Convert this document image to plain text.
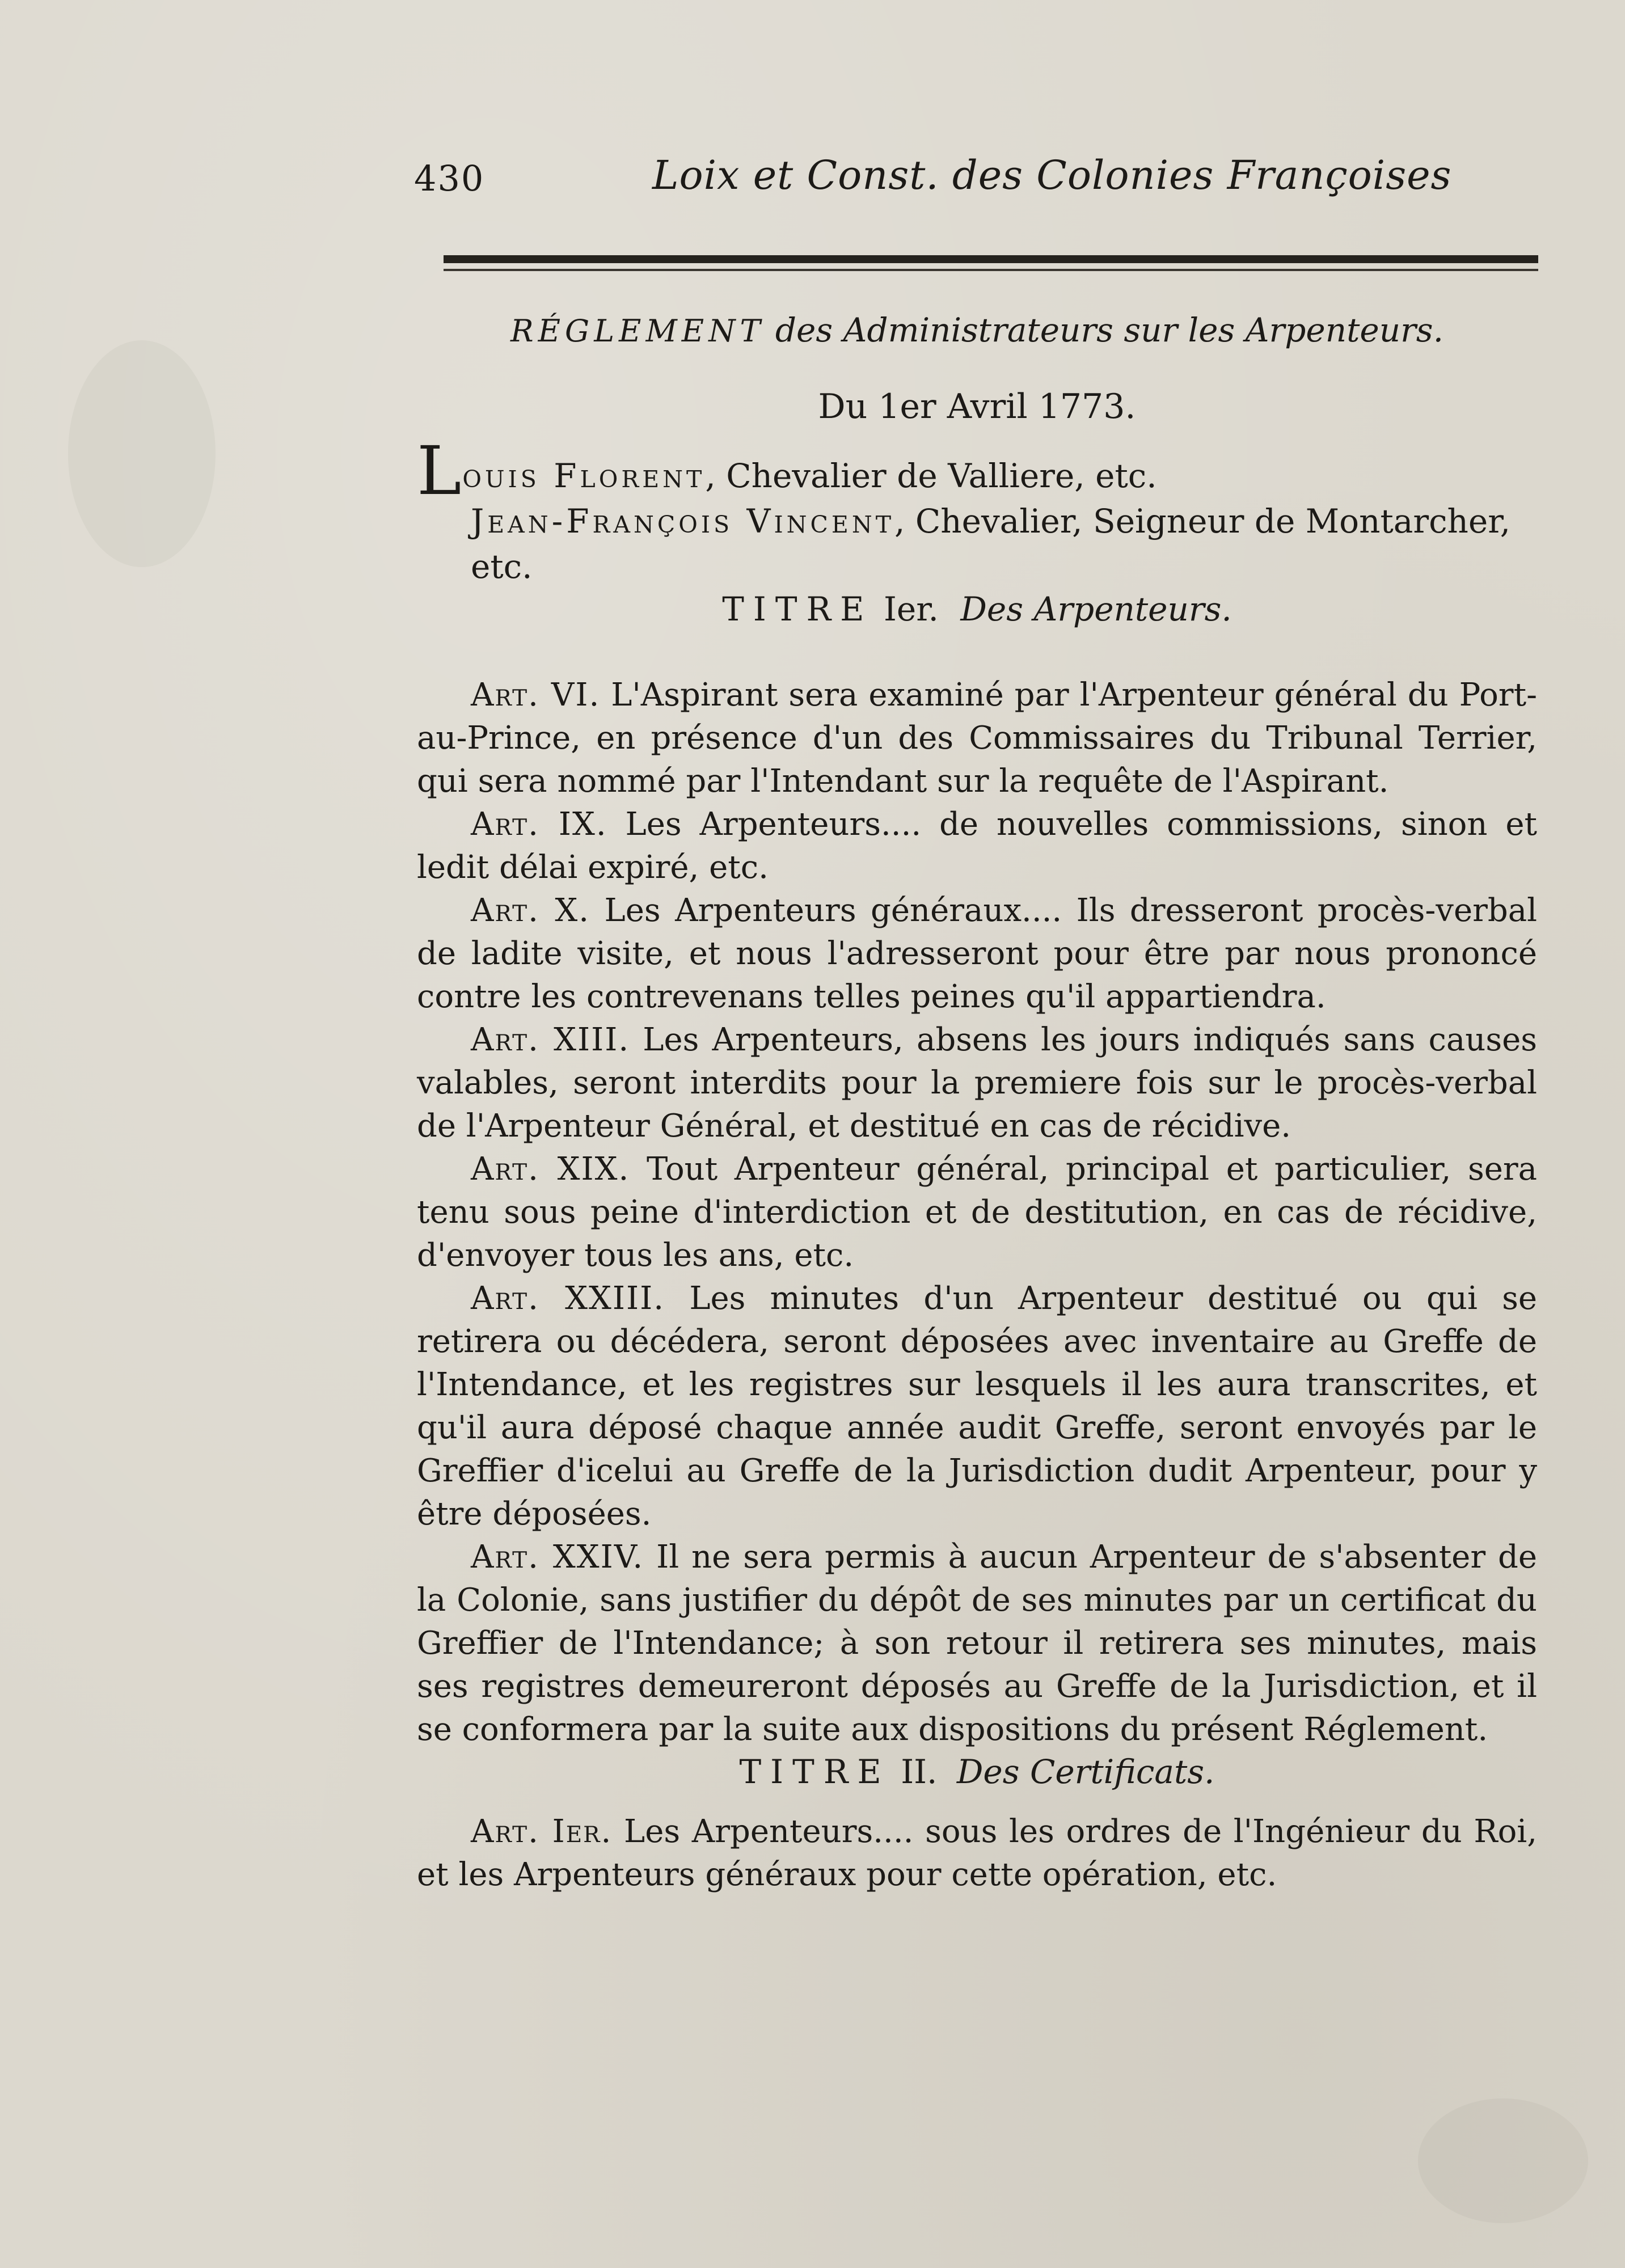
430	Loix et Const. des Colonies Françoises
RÉGLEMENT des Administrateurs sur les Arpenteurs.
Du 1er Avril 1773.
Louis Florent, Chevalier de Valliere, etc.
Jean-François Vincent, Chevalier, Seigneur de Montarcher, etc.
TITRE Ier. Des Arpenteurs.

Art. VI. L'Aspirant sera examiné par l'Arpenteur général du Port-au-Prince, en présence d'un des Commissaires du Tribunal Terrier, qui sera nommé par l'Intendant sur la requête de l'Aspirant.

Art. IX. Les Arpenteurs.... de nouvelles commissions, sinon et ledit délai expiré, etc.

Art. X. Les Arpenteurs généraux.... Ils dresseront procès-verbal de ladite visite, et nous l'adresseront pour être par nous prononcé contre les contrevenans telles peines qu'il appartiendra.

Art. XIII. Les Arpenteurs, absens les jours indiqués sans causes valables, seront interdits pour la premiere fois sur le procès-verbal de l'Arpenteur Général, et destitué en cas de récidive.

Art. XIX. Tout Arpenteur général, principal et particulier, sera tenu sous peine d'interdiction et de destitution, en cas de récidive, d'envoyer tous les ans, etc.

Art. XXIII. Les minutes d'un Arpenteur destitué ou qui se retirera ou décédera, seront déposées avec inventaire au Greffe de l'Intendance, et les registres sur lesquels il les aura transcrites, et qu'il aura déposé chaque année audit Greffe, seront envoyés par le Greffier d'icelui au Greffe de la Jurisdiction dudit Arpenteur, pour y être déposées.

Art. XXIV. Il ne sera permis à aucun Arpenteur de s'absenter de la Colonie, sans justifier du dépôt de ses minutes par un certificat du Greffier de l'Intendance; à son retour il retirera ses minutes, mais ses registres demeureront déposés au Greffe de la Jurisdiction, et il se conformera par la suite aux dispositions du présent Réglement.

TITRE II. Des Certificats.

Art. Ier. Les Arpenteurs.... sous les ordres de l'Ingénieur du Roi, et les Arpenteurs généraux pour cette opération, etc.
